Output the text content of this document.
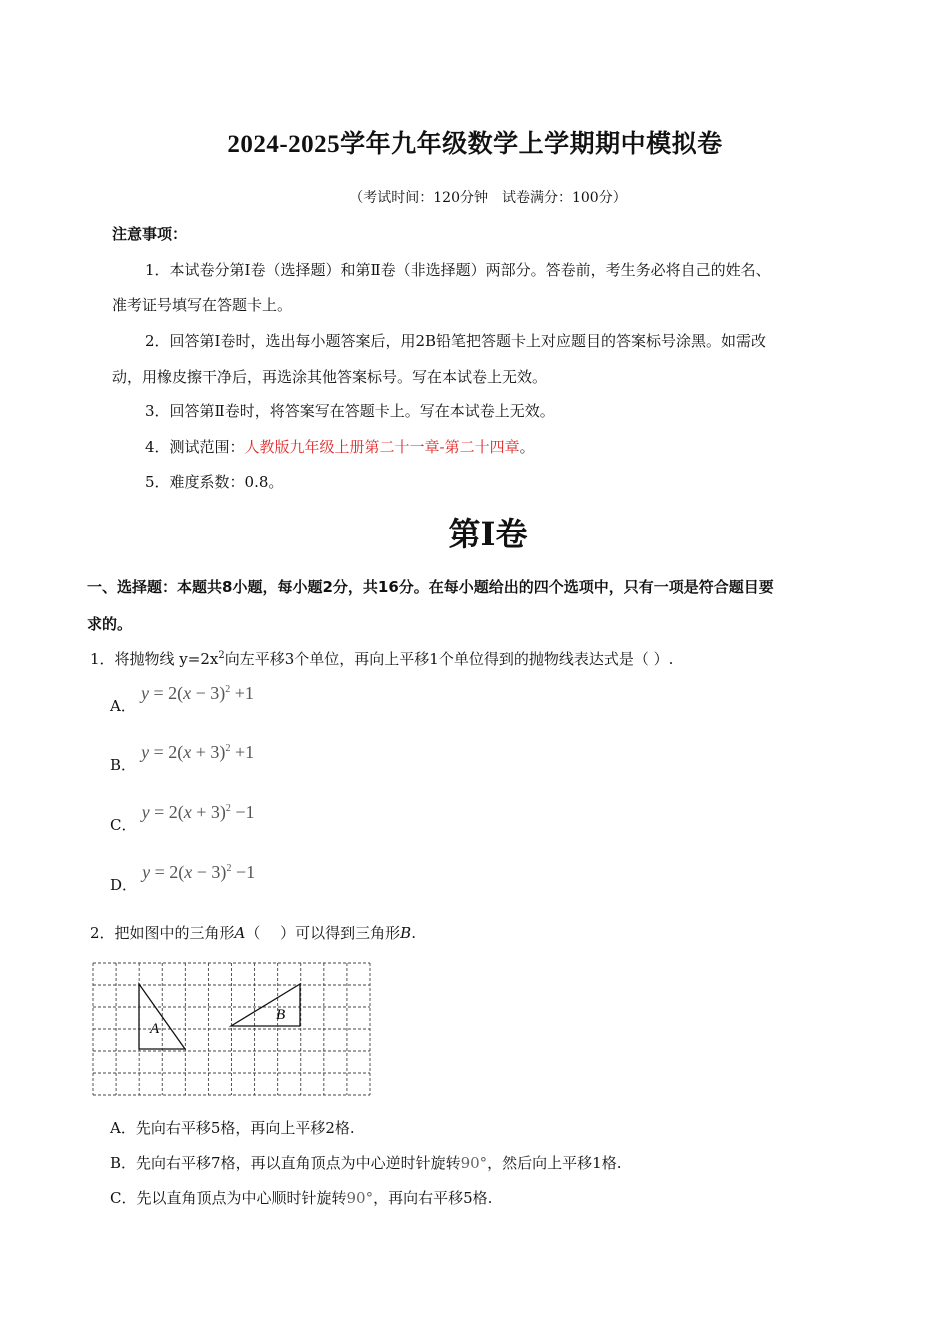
2024-2025学年九年级数学上学期期中模拟卷
（考试时间：120分钟　试卷满分：100分）
注意事项：
1．本试卷分第Ⅰ卷（选择题）和第Ⅱ卷（非选择题）两部分。答卷前，考生务必将自己的姓名、
准考证号填写在答题卡上。
2．回答第Ⅰ卷时，选出每小题答案后，用2B铅笔把答题卡上对应题目的答案标号涂黑。如需改
动，用橡皮擦干净后，再选涂其他答案标号。写在本试卷上无效。
3．回答第Ⅱ卷时，将答案写在答题卡上。写在本试卷上无效。
4．测试范围：人教版九年级上册第二十一章-第二十四章。
5．难度系数：0.8。
第Ⅰ卷
一、选择题：本题共8小题，每小题2分，共16分。在每小题给出的四个选项中，只有一项是符合题目要
求的。
1．将抛物线 $y=2x^2$向左平移3个单位，再向上平移1个单位得到的抛物线表达式是（ ）.
A． $y = 2(x - 3)^2 +1$
B． $y = 2(x + 3)^2 +1$
C． $y = 2(x + 3)^2 -1$
D． $y = 2(x - 3)^2 -1$
2．把如图中的三角形A（　 ）可以得到三角形B.
A
B
A．先向右平移5格，再向上平移2格.
B．先向右平移7格，再以直角顶点为中心逆时针旋转90°，然后向上平移1格.
C．先以直角顶点为中心顺时针旋转90°，再向右平移5格.
